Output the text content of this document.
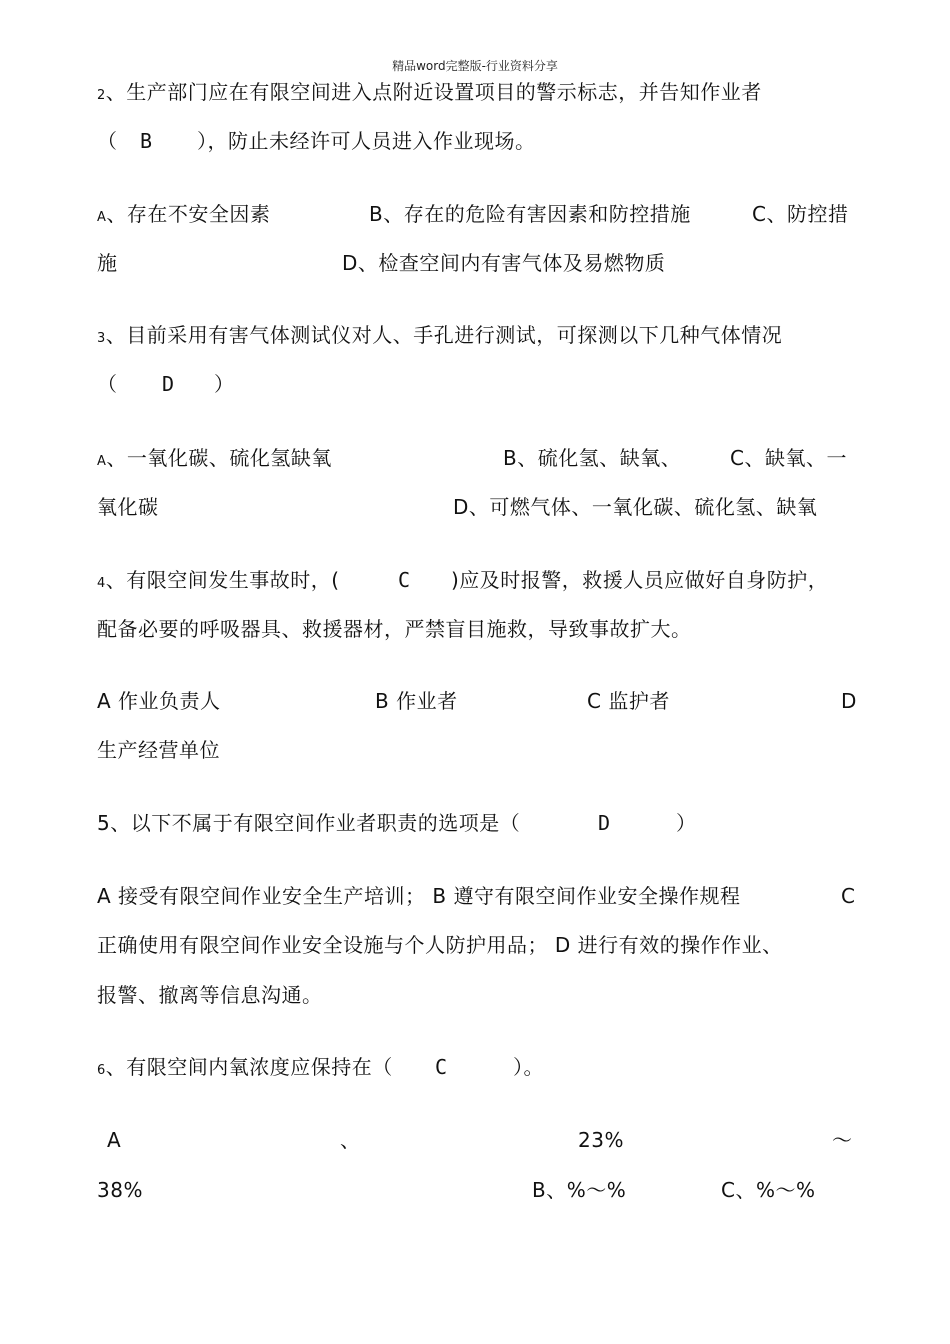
精品word完整版-行业资料分享
2、生产部门应在有限空间进入点附近设置项目的警示标志，并告知作业者
（ B ），防止未经许可人员进入作业现场。
A、存在不安全因素	B、存在的危险有害因素和防控措施	C、防控措
施	D、检查空间内有害气体及易燃物质
3、目前采用有害气体测试仪对人、手孔进行测试，可探测以下几种气体情况
（ D ）
A、一氧化碳、硫化氢缺氧	B、硫化氢、缺氧、 C、缺氧、一
氧化碳	D、可燃气体、一氧化碳、硫化氢、缺氧
4、有限空间发生事故时，(	C )应及时报警，救援人员应做好自身防护，
配备必要的呼吸器具、救援器材，严禁盲目施救，导致事故扩大。
A 作业负责人	B 作业者	C 监护者	D
生产经营单位
5、以下不属于有限空间作业者职责的选项是（	D	）
A 接受有限空间作业安全生产培训； B 遵守有限空间作业安全操作规程	C
正确使用有限空间作业安全设施与个人防护用品； D 进行有效的操作作业、
报警、撤离等信息沟通。
6、有限空间内氧浓度应保持在（ C	）。
A	、	23%	～
38%	B、%～%	C、%～%
